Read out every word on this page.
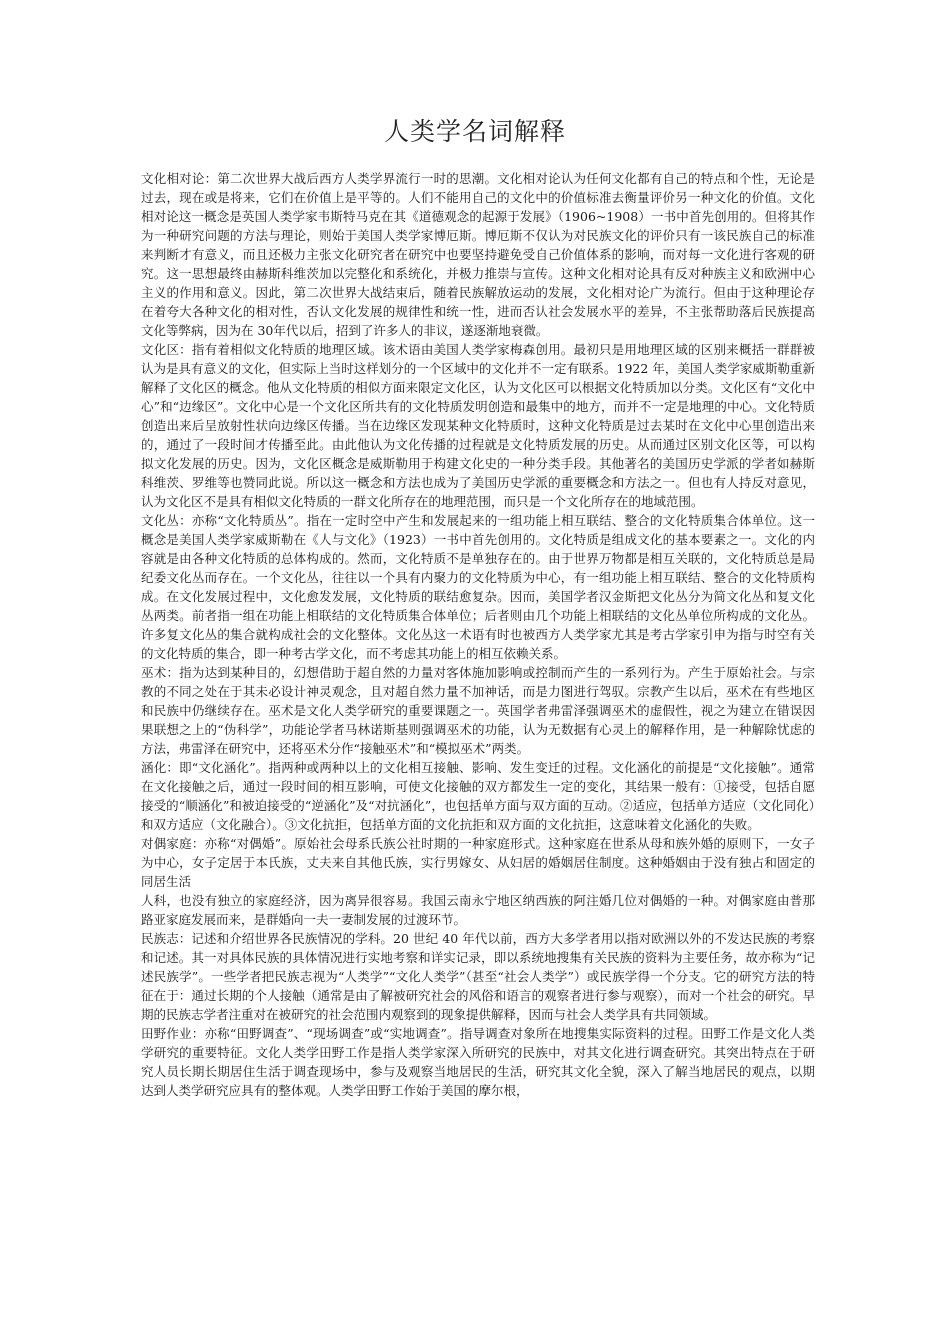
人类学名词解释

文化相对论：第二次世界大战后西方人类学界流行一时的思潮。文化相对论认为任何文化都有自己的特点和个性，无论是过去，现在或是将来，它们在价值上是平等的。人们不能用自己的文化中的价值标准去衡量评价另一种文化的价值。文化相对论这一概念是英国人类学家韦斯特马克在其《道德观念的起源于发展》（1906~1908）一书中首先创用的。但将其作为一种研究问题的方法与理论，则始于美国人类学家博厄斯。博厄斯不仅认为对民族文化的评价只有一该民族自己的标准来判断才有意义，而且还极力主张文化研究者在研究中也要坚持避免受自己价值体系的影响，而对每一文化进行客观的研究。这一思想最终由赫斯科维茨加以完整化和系统化，并极力推崇与宣传。这种文化相对论具有反对种族主义和欧洲中心主义的作用和意义。因此，第二次世界大战结束后，随着民族解放运动的发展，文化相对论广为流行。但由于这种理论存在着夸大各种文化的相对性，否认文化发展的规律性和统一性，进而否认社会发展水平的差异，不主张帮助落后民族提高文化等弊病，因为在 30年代以后，招到了许多人的非议，遂逐渐地衰微。

文化区：指有着相似文化特质的地理区域。该术语由美国人类学家梅森创用。最初只是用地理区域的区别来概括一群群被认为是具有意义的文化，但实际上当时这样划分的一个区域中的文化并不一定有联系。1922 年，美国人类学家威斯勒重新解释了文化区的概念。他从文化特质的相似方面来限定文化区，认为文化区可以根据文化特质加以分类。文化区有“文化中心”和“边缘区”。文化中心是一个文化区所共有的文化特质发明创造和最集中的地方，而并不一定是地理的中心。文化特质创造出来后呈放射性状向边缘区传播。当在边缘区发现某种文化特质时，这种文化特质是过去某时在文化中心里创造出来的，通过了一段时间才传播至此。由此他认为文化传播的过程就是文化特质发展的历史。从而通过区别文化区等，可以构拟文化发展的历史。因为，文化区概念是威斯勒用于构建文化史的一种分类手段。其他著名的美国历史学派的学者如赫斯科维茨、罗维等也赞同此说。所以这一概念和方法也成为了美国历史学派的重要概念和方法之一。但也有人持反对意见，认为文化区不是具有相似文化特质的一群文化所存在的地理范围，而只是一个文化所存在的地域范围。

文化丛：亦称“文化特质丛”。指在一定时空中产生和发展起来的一组功能上相互联结、整合的文化特质集合体单位。这一概念是美国人类学家威斯勒在《人与文化》（1923）一书中首先创用的。文化特质是组成文化的基本要素之一。文化的内容就是由各种文化特质的总体构成的。然而，文化特质不是单独存在的。由于世界万物都是相互关联的，文化特质总是局纪委文化丛而存在。一个文化丛，往往以一个具有内聚力的文化特质为中心，有一组功能上相互联结、整合的文化特质构成。在文化发展过程中，文化愈发发展，文化特质的联结愈复杂。因而，美国学者汉金斯把文化丛分为简文化丛和复文化丛两类。前者指一组在功能上相联结的文化特质集合体单位；后者则由几个功能上相联结的文化丛单位所构成的文化丛。许多复文化丛的集合就构成社会的文化整体。文化丛这一术语有时也被西方人类学家尤其是考古学家引申为指与时空有关的文化特质的集合，即一种考古学文化，而不考虑其功能上的相互依赖关系。

巫术：指为达到某种目的，幻想借助于超自然的力量对客体施加影响或控制而产生的一系列行为。产生于原始社会。与宗教的不同之处在于其未必设计神灵观念，且对超自然力量不加神话，而是力图进行驾驭。宗教产生以后，巫术在有些地区和民族中仍继续存在。巫术是文化人类学研究的重要课题之一。英国学者弗雷泽强调巫术的虚假性，视之为建立在错误因果联想之上的“伪科学”，功能论学者马林诺斯基则强调巫术的功能，认为无数据有心灵上的解释作用，是一种解除忧虑的方法，弗雷泽在研究中，还将巫术分作“接触巫术”和“模拟巫术”两类。

涵化：即“文化涵化”。指两种或两种以上的文化相互接触、影响、发生变迁的过程。文化涵化的前提是“文化接触”。通常在文化接触之后，通过一段时间的相互影响，可使文化接触的双方都发生一定的变化，其结果一般有：①接受，包括自愿接受的“顺涵化”和被迫接受的“逆涵化”及“对抗涵化”，也包括单方面与双方面的互动。②适应，包括单方适应（文化同化）和双方适应（文化融合）。③文化抗拒，包括单方面的文化抗拒和双方面的文化抗拒，这意味着文化涵化的失败。

对偶家庭：亦称“对偶婚”。原始社会母系氏族公社时期的一种家庭形式。这种家庭在世系从母和族外婚的原则下，一女子为中心，女子定居于本氏族，丈夫来自其他氏族，实行男嫁女、从妇居的婚姻居住制度。这种婚姻由于没有独占和固定的同居生活

人科，也没有独立的家庭经济，因为离异很容易。我国云南永宁地区纳西族的阿注婚几位对偶婚的一种。对偶家庭由普那路亚家庭发展而来，是群婚向一夫一妻制发展的过渡环节。

民族志：记述和介绍世界各民族情况的学科。20 世纪 40 年代以前，西方大多学者用以指对欧洲以外的不发达民族的考察和记述。其一对具体民族的具体情况进行实地考察和详实记录，即以系统地搜集有关民族的资料为主要任务，故亦称为“记述民族学”。一些学者把民族志视为“人类学”“文化人类学”（甚至“社会人类学”）或民族学得一个分支。它的研究方法的特征在于：通过长期的个人接触（通常是由了解被研究社会的风俗和语言的观察者进行参与观察），而对一个社会的研究。早期的民族志学者注重对在被研究的社会范围内观察到的现象提供解释，因而与社会人类学具有共同领域。

田野作业：亦称“田野调查”、“现场调查”或“实地调查”。指导调查对象所在地搜集实际资料的过程。田野工作是文化人类学研究的重要特征。文化人类学田野工作是指人类学家深入所研究的民族中，对其文化进行调查研究。其突出特点在于研究人员长期长期居住生活于调查现场中，参与及观察当地居民的生活，研究其文化全貌，深入了解当地居民的观点，以期达到人类学研究应具有的整体观。人类学田野工作始于美国的摩尔根，
